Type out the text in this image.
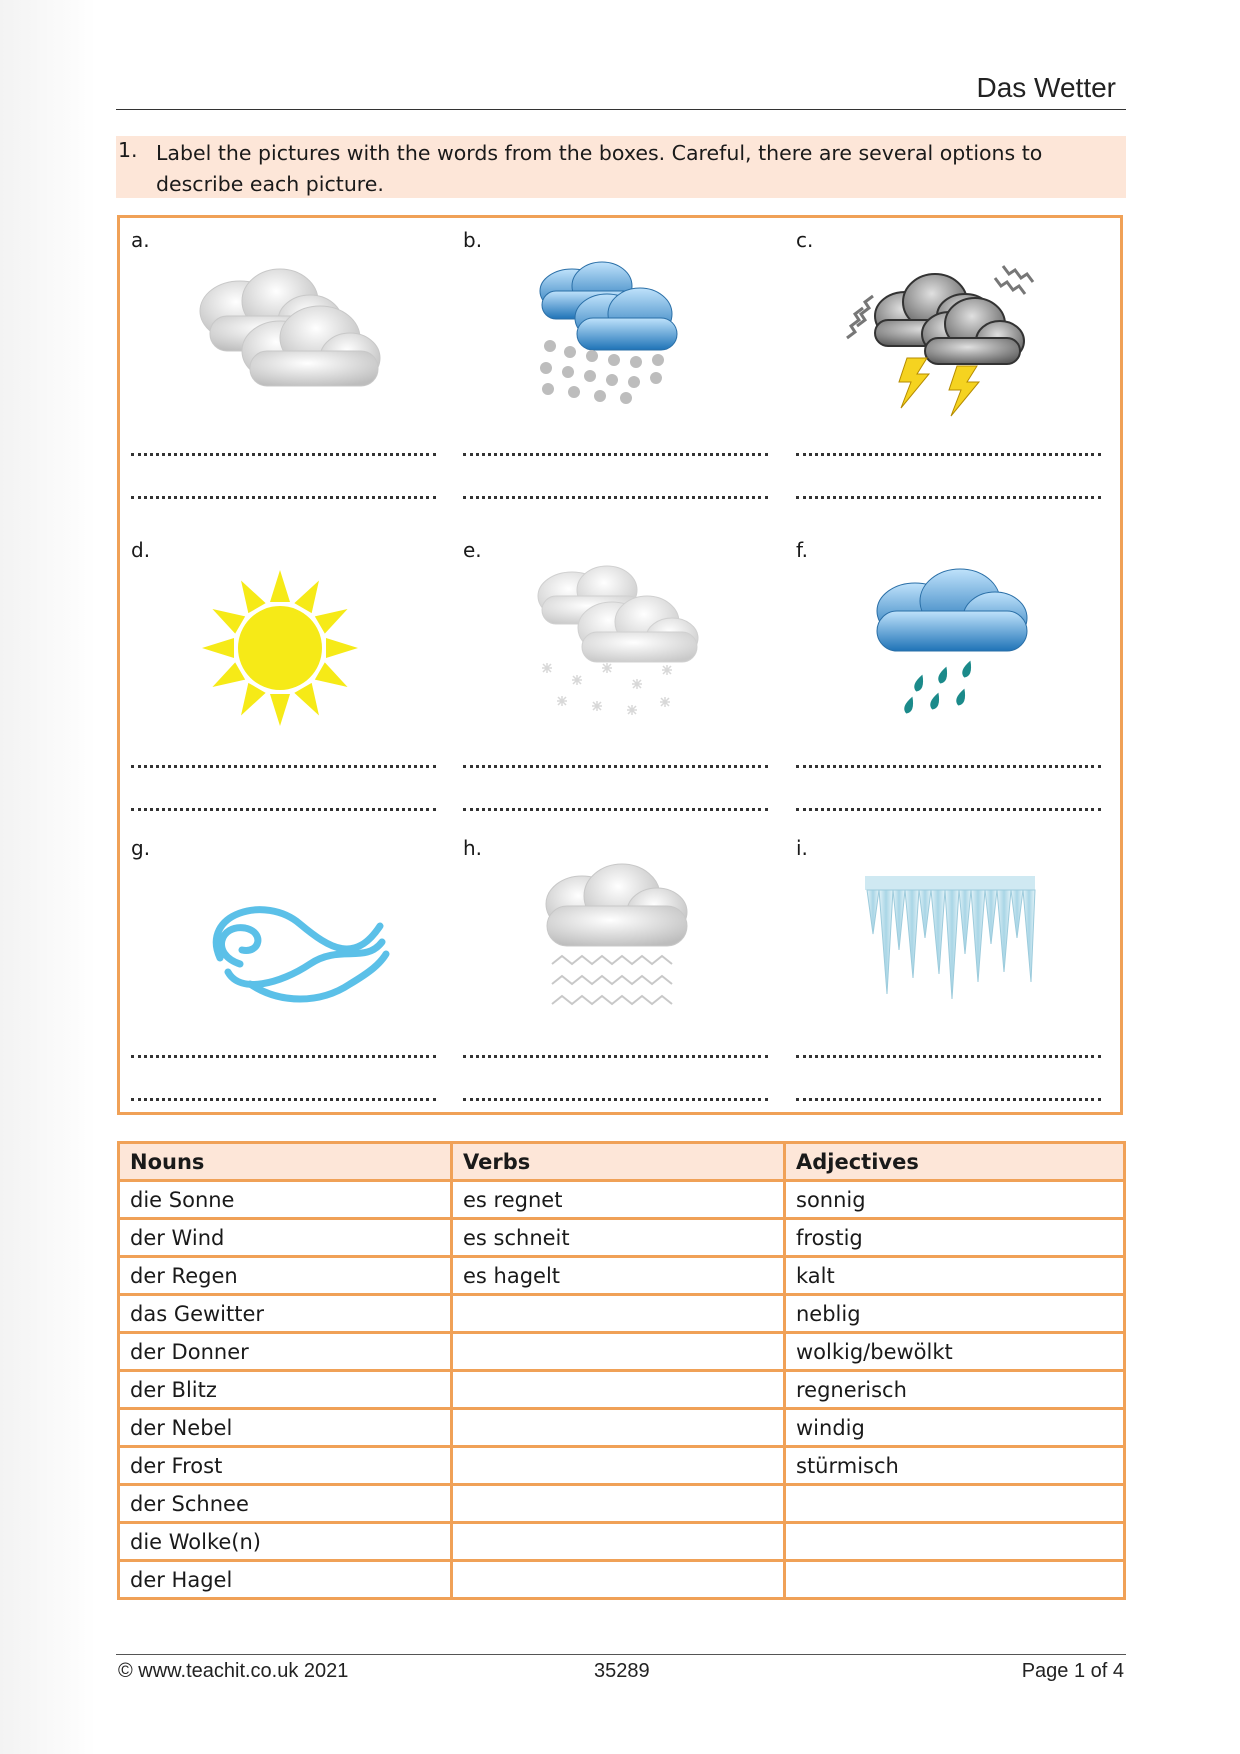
Das Wetter
1. Label the pictures with the words from the boxes. Careful, there are several options to describe each picture.
a.	b.	c.
d.	e.	f.
g.	h.	i.
Nouns	Verbs	Adjectives
die Sonne	es regnet	sonnig
der Wind	es schneit	frostig
der Regen	es hagelt	kalt
das Gewitter		neblig
der Donner		wolkig/bewölkt
der Blitz		regnerisch
der Nebel		windig
der Frost		stürmisch
der Schnee		
die Wolke(n)		
der Hagel		
© www.teachit.co.uk 2021	35289	Page 1 of 4
